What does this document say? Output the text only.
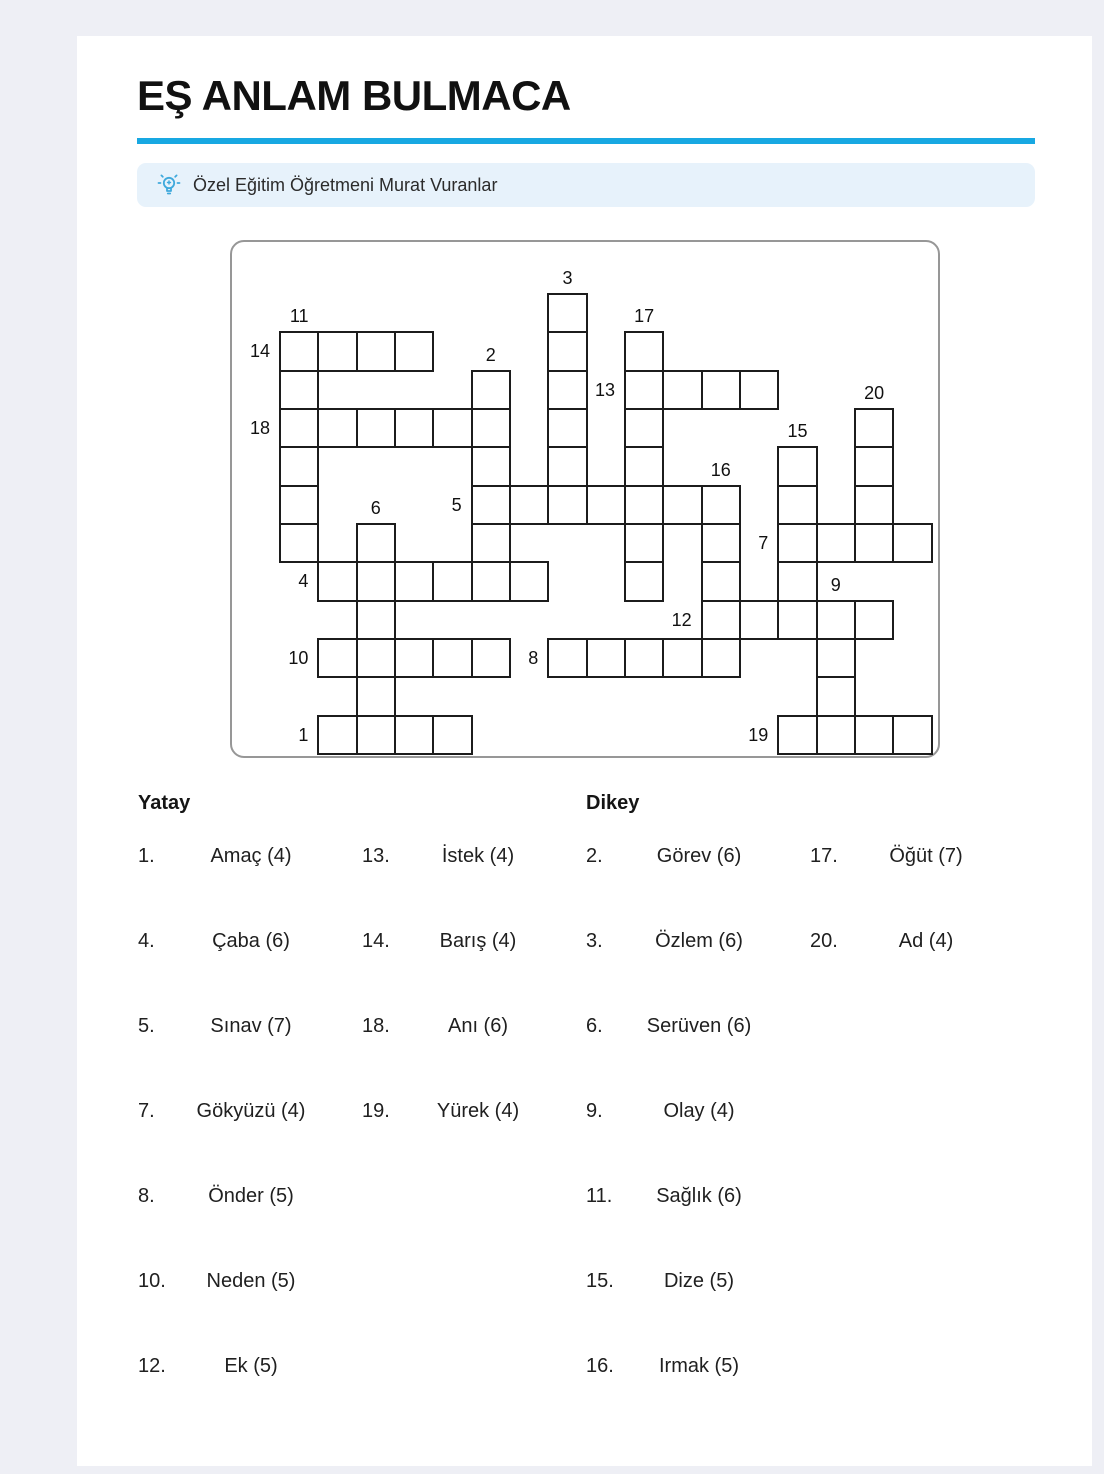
EŞ ANLAM BULMACA
Özel Eğitim Öğretmeni Murat Vuranlar
1
4
5
7
8
10
12
13
14
18
19
2
3
6
9
11
15
16
17
20
Yatay
1.	Amaç (4)	13.	İstek (4)
4.	Çaba (6)	14.	Barış (4)
5.	Sınav (7)	18.	Anı (6)
7.	Gökyüzü (4)	19.	Yürek (4)
8.	Önder (5)
10.	Neden (5)
12.	Ek (5)
Dikey
2.	Görev (6)	17.	Öğüt (7)
3.	Özlem (6)	20.	Ad (4)
6.	Serüven (6)
9.	Olay (4)
11.	Sağlık (6)
15.	Dize (5)
16.	Irmak (5)
